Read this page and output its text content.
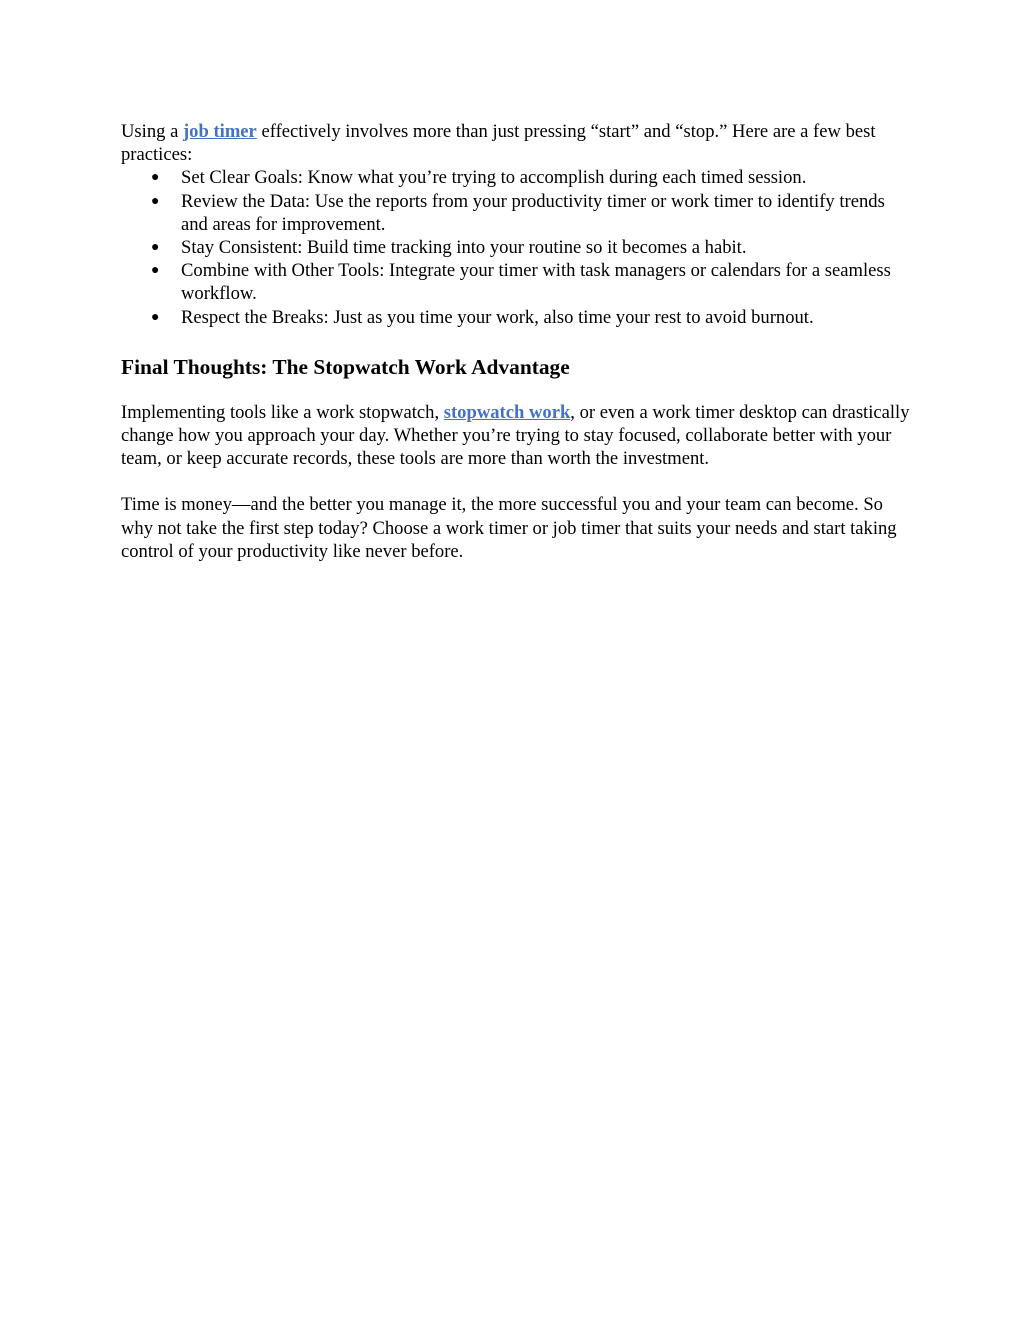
Using a job timer effectively involves more than just pressing “start” and “stop.” Here are a few best practices:

● Set Clear Goals: Know what you’re trying to accomplish during each timed session.
● Review the Data: Use the reports from your productivity timer or work timer to identify trends and areas for improvement.
● Stay Consistent: Build time tracking into your routine so it becomes a habit.
● Combine with Other Tools: Integrate your timer with task managers or calendars for a seamless workflow.
● Respect the Breaks: Just as you time your work, also time your rest to avoid burnout.
Final Thoughts: The Stopwatch Work Advantage

Implementing tools like a work stopwatch, stopwatch work, or even a work timer desktop can drastically change how you approach your day. Whether you’re trying to stay focused, collaborate better with your team, or keep accurate records, these tools are more than worth the investment.

Time is money—and the better you manage it, the more successful you and your team can become. So why not take the first step today? Choose a work timer or job timer that suits your needs and start taking control of your productivity like never before.
